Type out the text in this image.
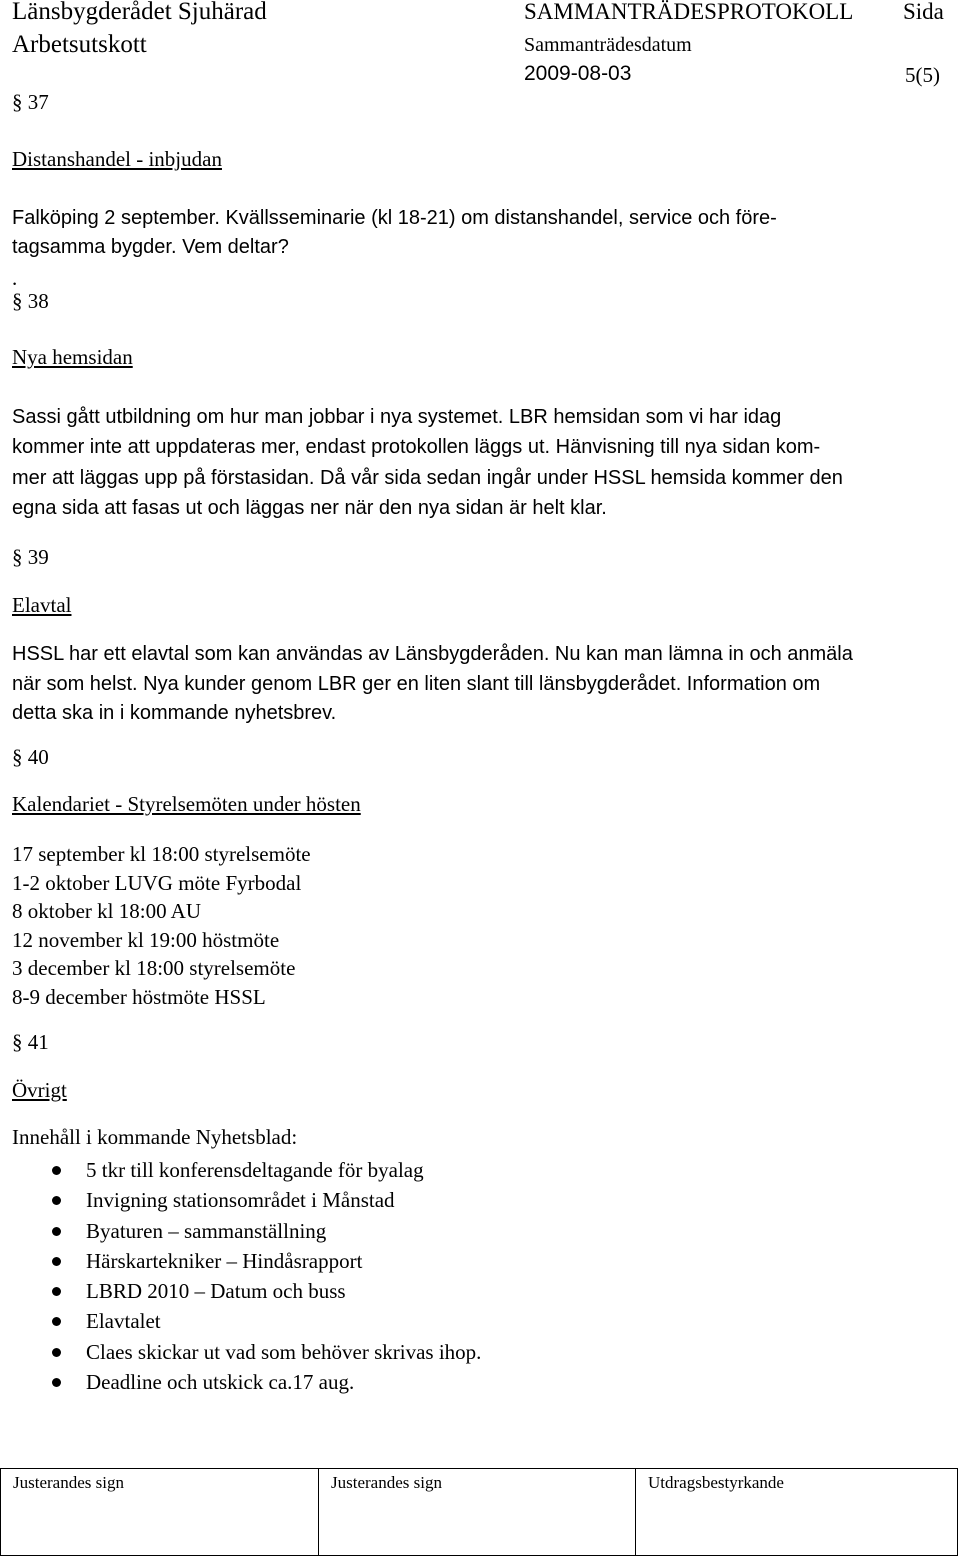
Länsbygderådet Sjuhärad
Arbetsutskott
SAMMANTRÄDESPROTOKOLL Sida
Sammanträdesdatum
2009-08-03	5(5)
§ 37
Distanshandel - inbjudan
Falköping 2 september. Kvällsseminarie (kl 18-21) om distanshandel, service och före-
tagsamma bygder. Vem deltar?
.
§ 38
Nya hemsidan
Sassi gått utbildning om hur man jobbar i nya systemet. LBR hemsidan som vi har idag
kommer inte att uppdateras mer, endast protokollen läggs ut. Hänvisning till nya sidan kom-
mer att läggas upp på förstasidan. Då vår sida sedan ingår under HSSL hemsida kommer den
egna sida att fasas ut och läggas ner när den nya sidan är helt klar.
§ 39
Elavtal
HSSL har ett elavtal som kan användas av Länsbygderåden. Nu kan man lämna in och anmäla
när som helst. Nya kunder genom LBR ger en liten slant till länsbygderådet. Information om
detta ska in i kommande nyhetsbrev.
§ 40
Kalendariet - Styrelsemöten under hösten
17 september kl 18:00 styrelsemöte
1-2 oktober LUVG möte Fyrbodal
8 oktober kl 18:00 AU
12 november kl 19:00 höstmöte
3 december kl 18:00 styrelsemöte
8-9 december höstmöte HSSL
§ 41
Övrigt
Innehåll i kommande Nyhetsblad:
5 tkr till konferensdeltagande för byalag
Invigning stationsområdet i Månstad
Byaturen – sammanställning
Härskartekniker – Hindåsrapport
LBRD 2010 – Datum och buss
Elavtalet
Claes skickar ut vad som behöver skrivas ihop.
Deadline och utskick ca.17 aug.
Justerandes sign	Justerandes sign	Utdragsbestyrkande
